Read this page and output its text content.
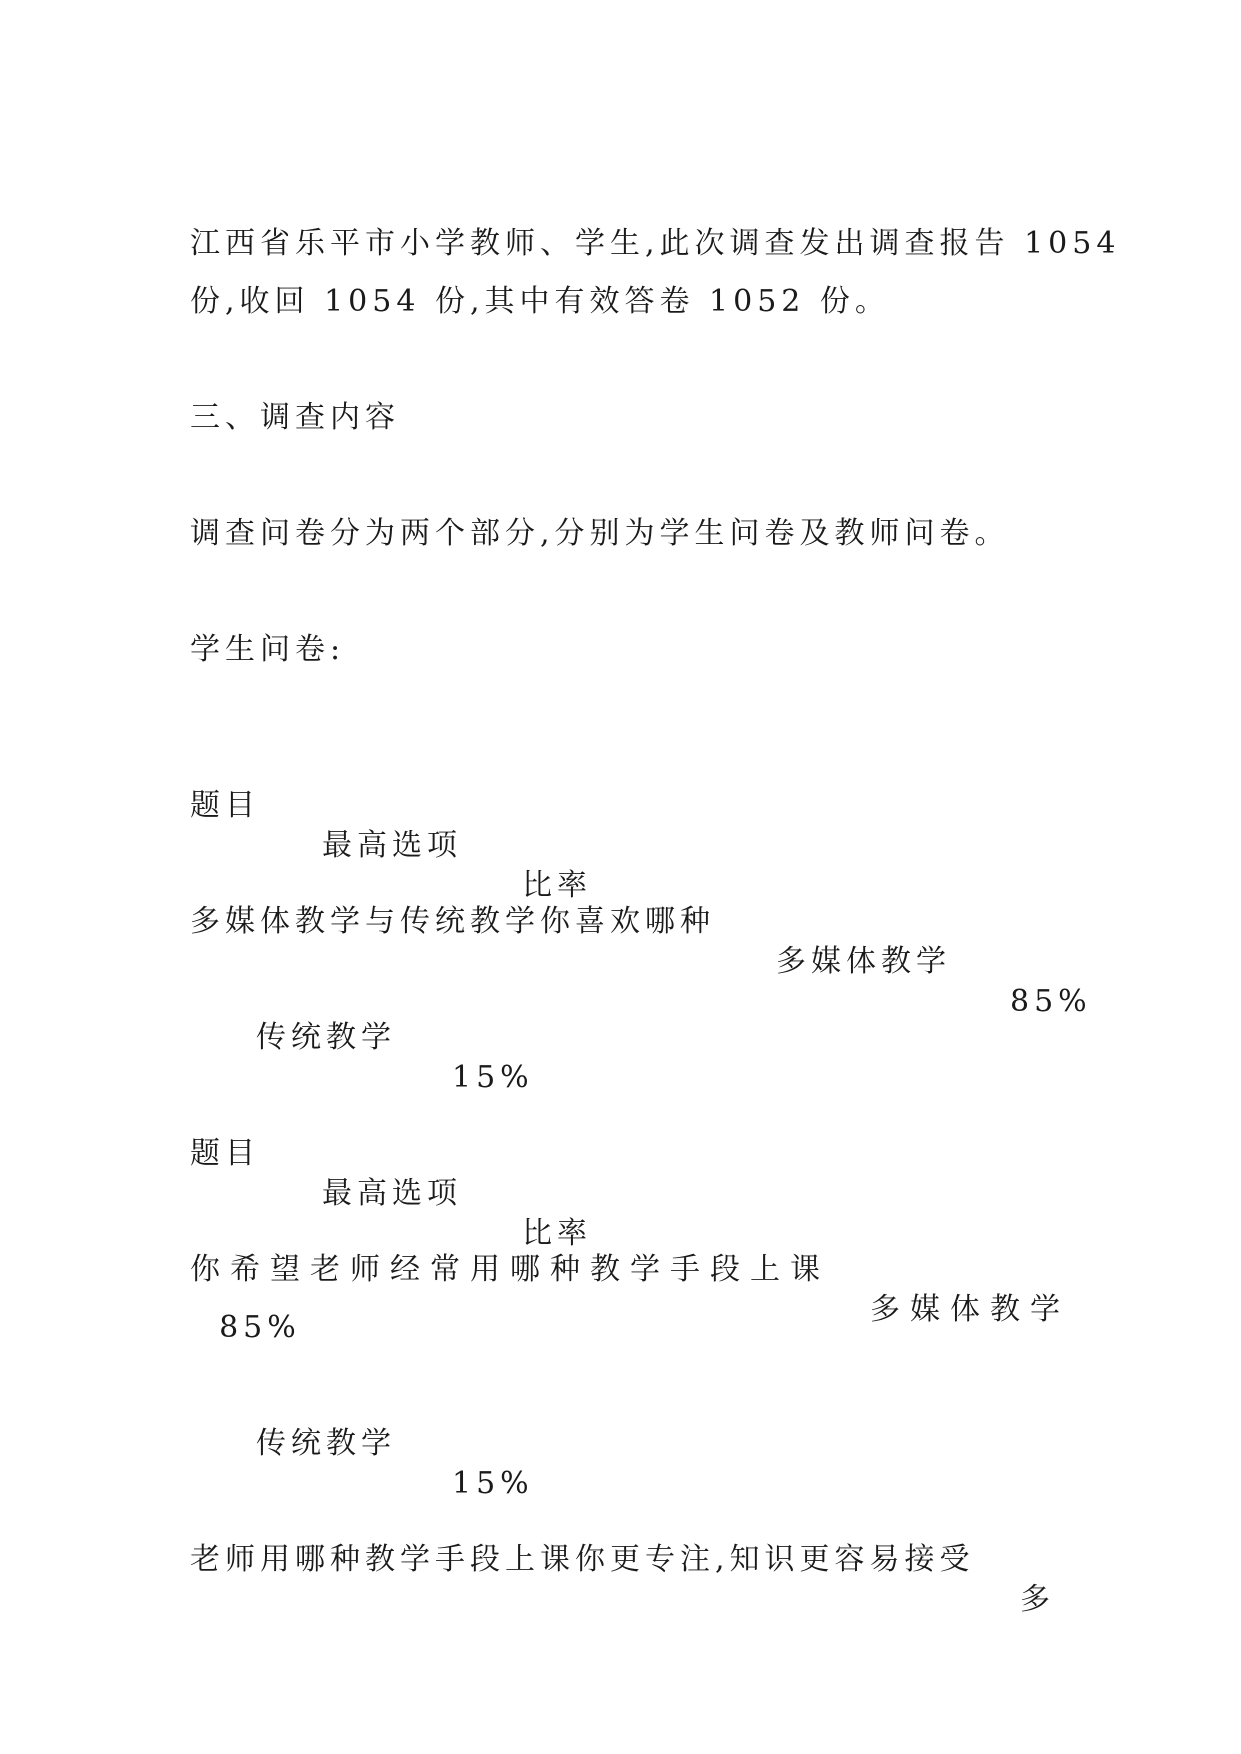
江西省乐平市小学教师、学生,此次调查发出调查报告 1054
份,收回 1054 份,其中有效答卷 1052 份。
三、调查内容
调查问卷分为两个部分,分别为学生问卷及教师问卷。
学生问卷:

题目

最高选项

比率

多媒体教学与传统教学你喜欢哪种

多媒体教学

85%

传统教学

15%

题目

最高选项

比率

你希望老师经常用哪种教学手段上课

多媒体教学

85%

传统教学

15%

老师用哪种教学手段上课你更专注,知识更容易接受

多
